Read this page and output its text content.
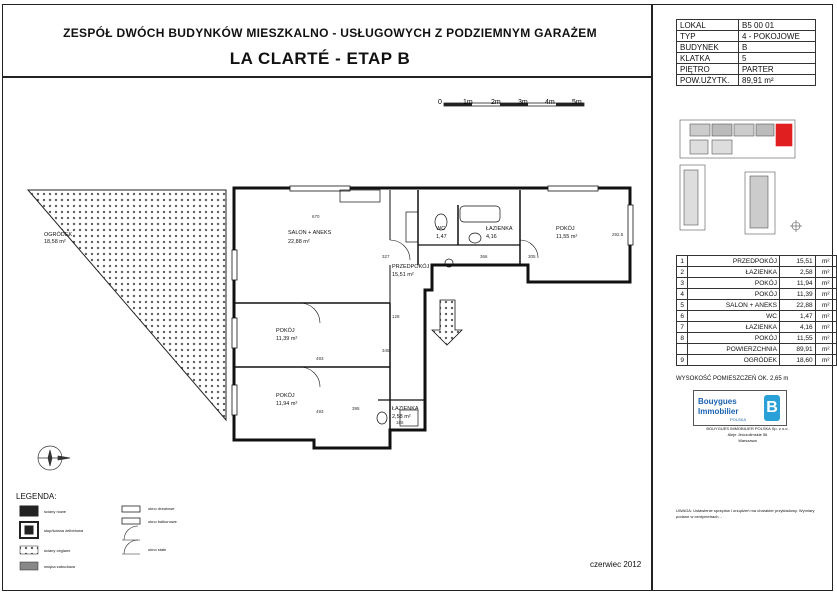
ZESPÓŁ DWÓCH BUDYNKÓW MIESZKALNO - USŁUGOWYCH Z PODZIEMNYM GARAŻEM
LA CLARTÉ - ETAP B
LOKAL	B5 00 01
TYP	4 - POKOJOWE
BUDYNEK	B
KLATKA	5
PIĘTRO	PARTER
POW.UŻYTK.	89,91 m²
0	1m	2m 3m 4m 5m
OGRÓDEK
18,58 m²
SALON + ANEKS
22,88 m²
PRZEDPOKÓJ
15,51 m²
POKÓJ
11,39 m²
POKÓJ
11,94 m²
POKÓJ
11,55 m²
ŁAZIENKA
4,16
WC
1,47
ŁAZIENKA
2,58 m²
670
493
493
327
345
128
395
185
366	305
292.5
1	PRZEDPOKÓJ	15,51	m²
2	ŁAZIENKA	2,58	m²
3	POKÓJ	11,94	m²
4	POKÓJ	11,39	m²
5	SALON + ANEKS	22,88	m²
6	WC	1,47	m²
7	ŁAZIENKA	4,16	m²
8	POKÓJ	11,55	m²
	POWIERZCHNIA	89,91	m²
9	OGRÓDEK	18,60	m²
WYSOKOŚĆ POMIESZCZEŃ OK. 2,65 m
Bouygues
Immobilier
POLSKA
B
BOUYGUES IMMOBILIER POLSKA Sp. z o.o.
Aleje Jerozolimskie 56
Warszawa
UWAGA: Ustawienie sprzętów i urządzeń ma charakter przykładowy. Wymiary podane w centymetrach...
LEGENDA:
ściany nowe
słup/ściana żelbetowa
ściany ceglane
wnęka zabudowa
okno drzwiowe
okno balkonowe
okno stałe
czerwiec 2012
